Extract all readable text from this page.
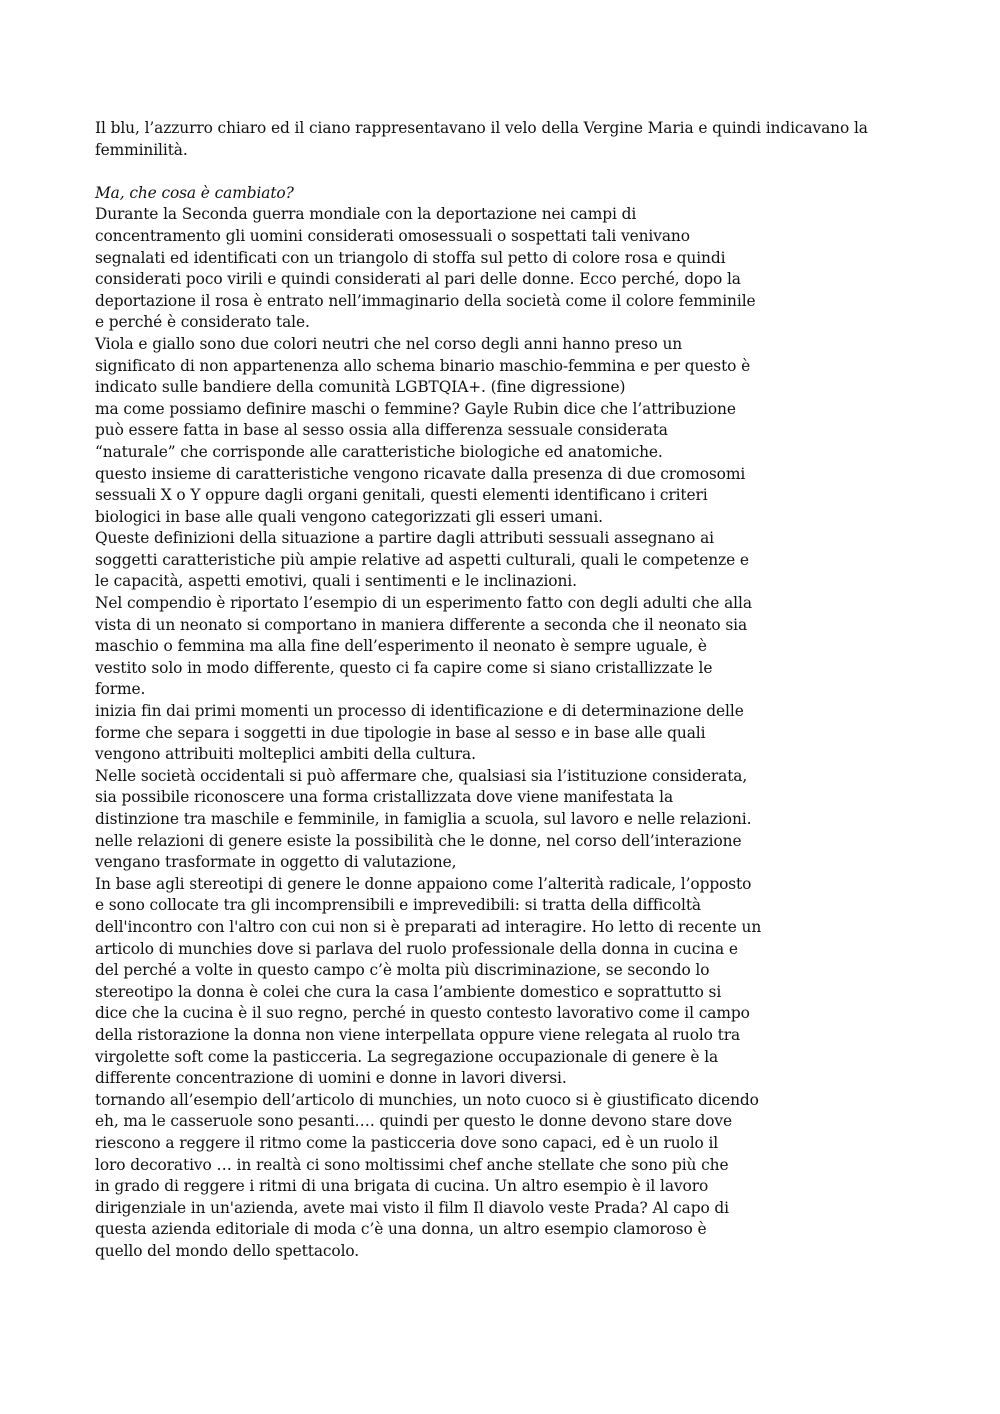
Il blu, l’azzurro chiaro ed il ciano rappresentavano il velo della Vergine Maria e quindi indicavano la
femminilità.
Ma, che cosa è cambiato?
Durante la Seconda guerra mondiale con la deportazione nei campi di
concentramento gli uomini considerati omosessuali o sospettati tali venivano
segnalati ed identificati con un triangolo di stoffa sul petto di colore rosa e quindi
considerati poco virili e quindi considerati al pari delle donne. Ecco perché, dopo la
deportazione il rosa è entrato nell’immaginario della società come il colore femminile
e perché è considerato tale.
Viola e giallo sono due colori neutri che nel corso degli anni hanno preso un
significato di non appartenenza allo schema binario maschio-femmina e per questo è
indicato sulle bandiere della comunità LGBTQIA+. (fine digressione)
ma come possiamo definire maschi o femmine? Gayle Rubin dice che l’attribuzione
può essere fatta in base al sesso ossia alla differenza sessuale considerata
“naturale” che corrisponde alle caratteristiche biologiche ed anatomiche.
questo insieme di caratteristiche vengono ricavate dalla presenza di due cromosomi
sessuali X o Y oppure dagli organi genitali, questi elementi identificano i criteri
biologici in base alle quali vengono categorizzati gli esseri umani.
Queste definizioni della situazione a partire dagli attributi sessuali assegnano ai
soggetti caratteristiche più ampie relative ad aspetti culturali, quali le competenze e
le capacità, aspetti emotivi, quali i sentimenti e le inclinazioni.
Nel compendio è riportato l’esempio di un esperimento fatto con degli adulti che alla
vista di un neonato si comportano in maniera differente a seconda che il neonato sia
maschio o femmina ma alla fine dell’esperimento il neonato è sempre uguale, è
vestito solo in modo differente, questo ci fa capire come si siano cristallizzate le
forme.
inizia fin dai primi momenti un processo di identificazione e di determinazione delle
forme che separa i soggetti in due tipologie in base al sesso e in base alle quali
vengono attribuiti molteplici ambiti della cultura.
Nelle società occidentali si può affermare che, qualsiasi sia l’istituzione considerata,
sia possibile riconoscere una forma cristallizzata dove viene manifestata la
distinzione tra maschile e femminile, in famiglia a scuola, sul lavoro e nelle relazioni.
nelle relazioni di genere esiste la possibilità che le donne, nel corso dell’interazione
vengano trasformate in oggetto di valutazione,
In base agli stereotipi di genere le donne appaiono come l’alterità radicale, l’opposto
e sono collocate tra gli incomprensibili e imprevedibili: si tratta della difficoltà
dell'incontro con l'altro con cui non si è preparati ad interagire. Ho letto di recente un
articolo di munchies dove si parlava del ruolo professionale della donna in cucina e
del perché a volte in questo campo c’è molta più discriminazione, se secondo lo
stereotipo la donna è colei che cura la casa l’ambiente domestico e soprattutto si
dice che la cucina è il suo regno, perché in questo contesto lavorativo come il campo
della ristorazione la donna non viene interpellata oppure viene relegata al ruolo tra
virgolette soft come la pasticceria. La segregazione occupazionale di genere è la
differente concentrazione di uomini e donne in lavori diversi.
tornando all’esempio dell’articolo di munchies, un noto cuoco si è giustificato dicendo
eh, ma le casseruole sono pesanti…. quindi per questo le donne devono stare dove
riescono a reggere il ritmo come la pasticceria dove sono capaci, ed è un ruolo il
loro decorativo … in realtà ci sono moltissimi chef anche stellate che sono più che
in grado di reggere i ritmi di una brigata di cucina. Un altro esempio è il lavoro
dirigenziale in un'azienda, avete mai visto il film Il diavolo veste Prada? Al capo di
questa azienda editoriale di moda c’è una donna, un altro esempio clamoroso è
quello del mondo dello spettacolo.
